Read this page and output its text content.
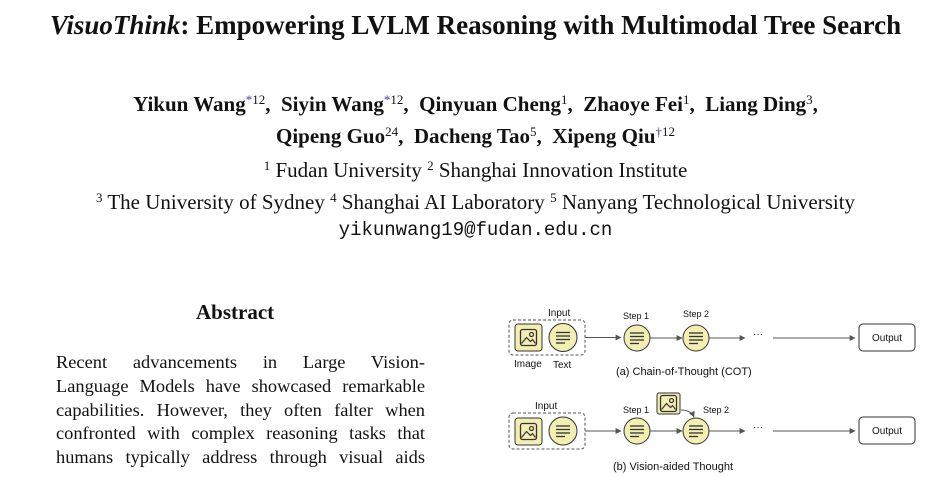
VisuoThink: Empowering LVLM Reasoning with Multimodal Tree Search
Yikun Wang$^{*12}$,  Siyin Wang$^{*12}$,  Qinyuan Cheng$^1$,  Zhaoye Fei$^1$,  Liang Ding$^3$,
Qipeng Guo$^{24}$,  Dacheng Tao$^5$,  Xipeng Qiu$^{\dagger 12}$
$^1$ Fudan University $^2$ Shanghai Innovation Institute
$^3$ The University of Sydney $^4$ Shanghai AI Laboratory $^5$ Nanyang Technological University
yikunwang19@fudan.edu.cn
Abstract
Recent advancements in Large Vision-
Language Models have showcased remarkable
capabilities. However, they often falter when
confronted with complex reasoning tasks that
humans typically address through visual aids
Input
Image Text
Step 1	Step 2
···	Output
(a) Chain-of-Thought (COT)
Input	Step 1	Step 2
···	Output
(b) Vision-aided Thought
